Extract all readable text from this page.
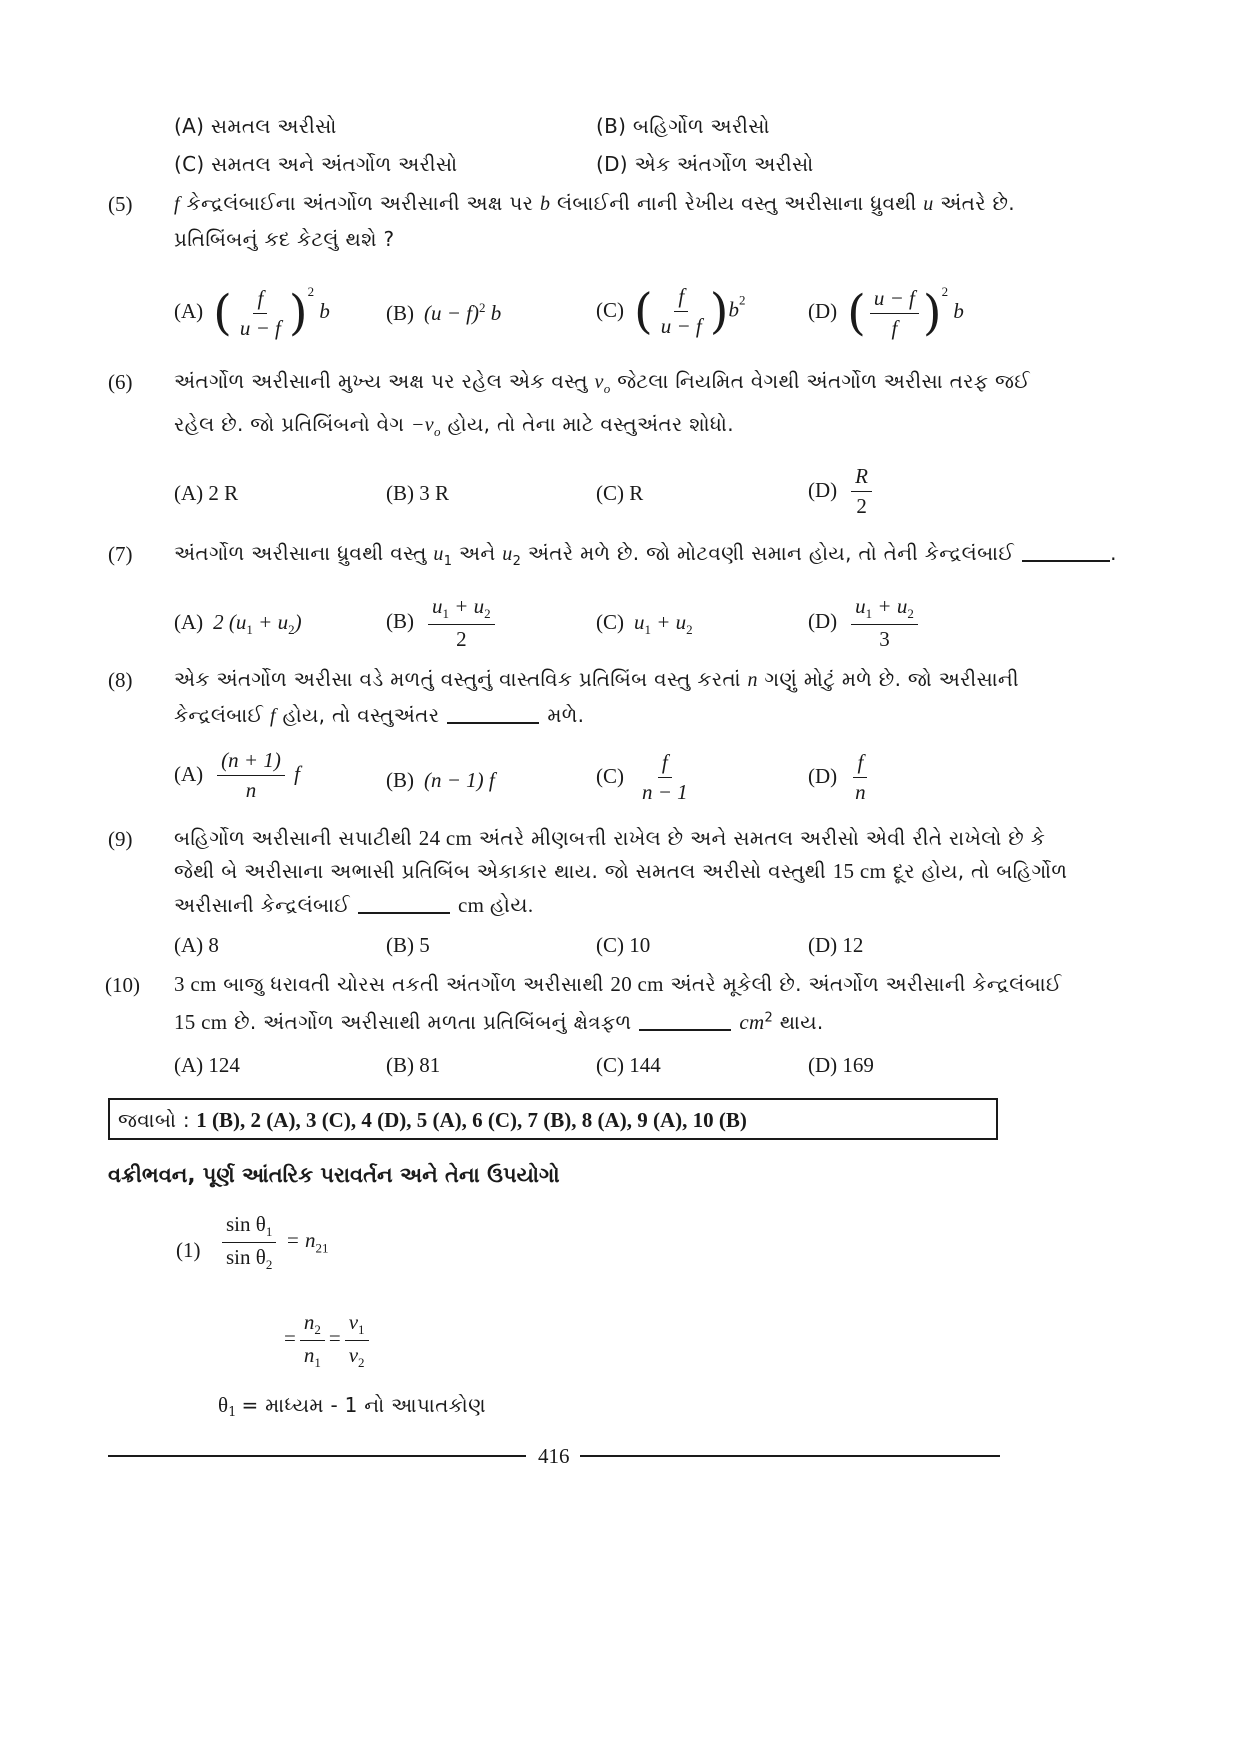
(A) સમતલ અરીસો	(B) બહિર્ગોળ અરીસો
(C) સમતલ અને અંતર્ગોળ અરીસો	(D) એક અંતર્ગોળ અરીસો
(5) f કેન્દ્રલંબાઈના અંતર્ગોળ અરીસાની અક્ષ પર b લંબાઈની નાની રેખીય વસ્તુ અરીસાના ધ્રુવથી u અંતરે છે.
પ્રતિબિંબનું કદ કેટલું થશે ?
(A) ( $\frac{f}{u - f} )^2$ b	(B) $(u - f)^2$ b	(C) ( $\frac{f}{u - f} )b^2$	(D) ( $\frac{u - f}{f} )^2$ b
(6) અંતર્ગોળ અરીસાની મુખ્ય અક્ષ પર રહેલ એક વસ્તુ $v_o$ જેટલા નિયમિત વેગથી અંતર્ગોળ અરીસા તરફ જઈ
રહેલ છે. જો પ્રતિબિંબનો વેગ $-v_o$ હોય, તો તેના માટે વસ્તુઅંતર શોધો.
(A) 2 R	(B) 3 R	(C) R	$(D) \frac{R}{2}$
(7) અંતર્ગોળ અરીસાના ધ્રુવથી વસ્તુ $u_1$ અને $u_2$ અંતરે મળે છે. જો મોટવણી સમાન હોય, તો તેની કેન્દ્રલંબાઈ	.
(A) 2 $(u_1 + u_2)$	$(B) \frac{u_1 + u_2}{2}$	(C) $u_1 + u_2$	$(D) \frac{u_1 + u_2}{3}$
(8) એક અંતર્ગોળ અરીસા વડે મળતું વસ્તુનું વાસ્તવિક પ્રતિબિંબ વસ્તુ કરતાં n ગણું મોટું મળે છે. જો અરીસાની
કેન્દ્રલંબાઈ f હોય, તો વસ્તુઅંતર	મળે.
$(A) \frac{(n + 1)}{n}$ f	(B) (n − 1) f	$(C) \frac{f}{n - 1}$	$(D) \frac{f}{n}$
(9) બહિર્ગોળ અરીસાની સપાટીથી 24 cm અંતરે મીણબત્તી રાખેલ છે અને સમતલ અરીસો એવી રીતે રાખેલો છે કે
જેથી બે અરીસાના અભાસી પ્રતિબિંબ એકાકાર થાય. જો સમતલ અરીસો વસ્તુથી 15 cm દૂર હોય, તો બહિર્ગોળ
અરીસાની કેન્દ્રલંબાઈ	cm હોય.
(A) 8	(B) 5	(C) 10	(D) 12
(10) 3 cm બાજુ ધરાવતી ચોરસ તકતી અંતર્ગોળ અરીસાથી 20 cm અંતરે મૂકેલી છે. અંતર્ગોળ અરીસાની કેન્દ્રલંબાઈ
15 cm છે. અંતર્ગોળ અરીસાથી મળતા પ્રતિબિંબનું ક્ષેત્રફળ	$cm^2$ થાય.
(A) 124	(B) 81	(C) 144	(D) 169
જવાબો : 1 (B), 2 (A), 3 (C), 4 (D), 5 (A), 6 (C), 7 (B), 8 (A), 9 (A), 10 (B)
વક્રીભવન, પૂર્ણ આંતરિક પરાવર્તન અને તેના ઉપયોગો
$(1) \frac{\sin \theta_1}{\sin \theta_2} = n_{21}$
= $\frac{n_2}{n_1} = \frac{v_1}{v_2}$
$\theta_1$ = માધ્યમ - 1 નો આપાતકોણ
416
